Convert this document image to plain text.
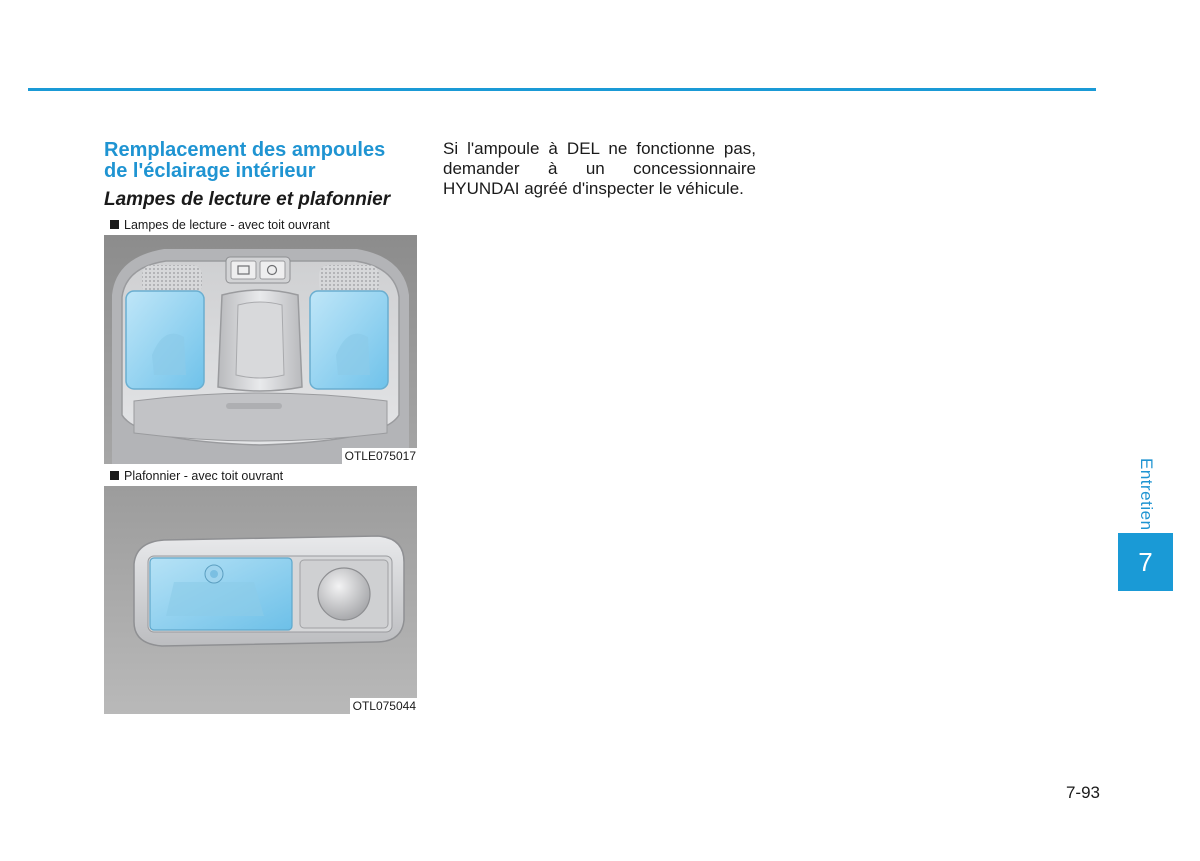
Remplacement des ampoules
de l'éclairage intérieur
Lampes de lecture et plafonnier
Lampes de lecture - avec toit ouvrant
OTLE075017
Plafonnier - avec toit ouvrant
OTL075044

Si l'ampoule à DEL ne fonctionne pas, demander à un concessionnaire HYUNDAI agréé d'inspecter le véhicule.

Entretien
7
7-93
